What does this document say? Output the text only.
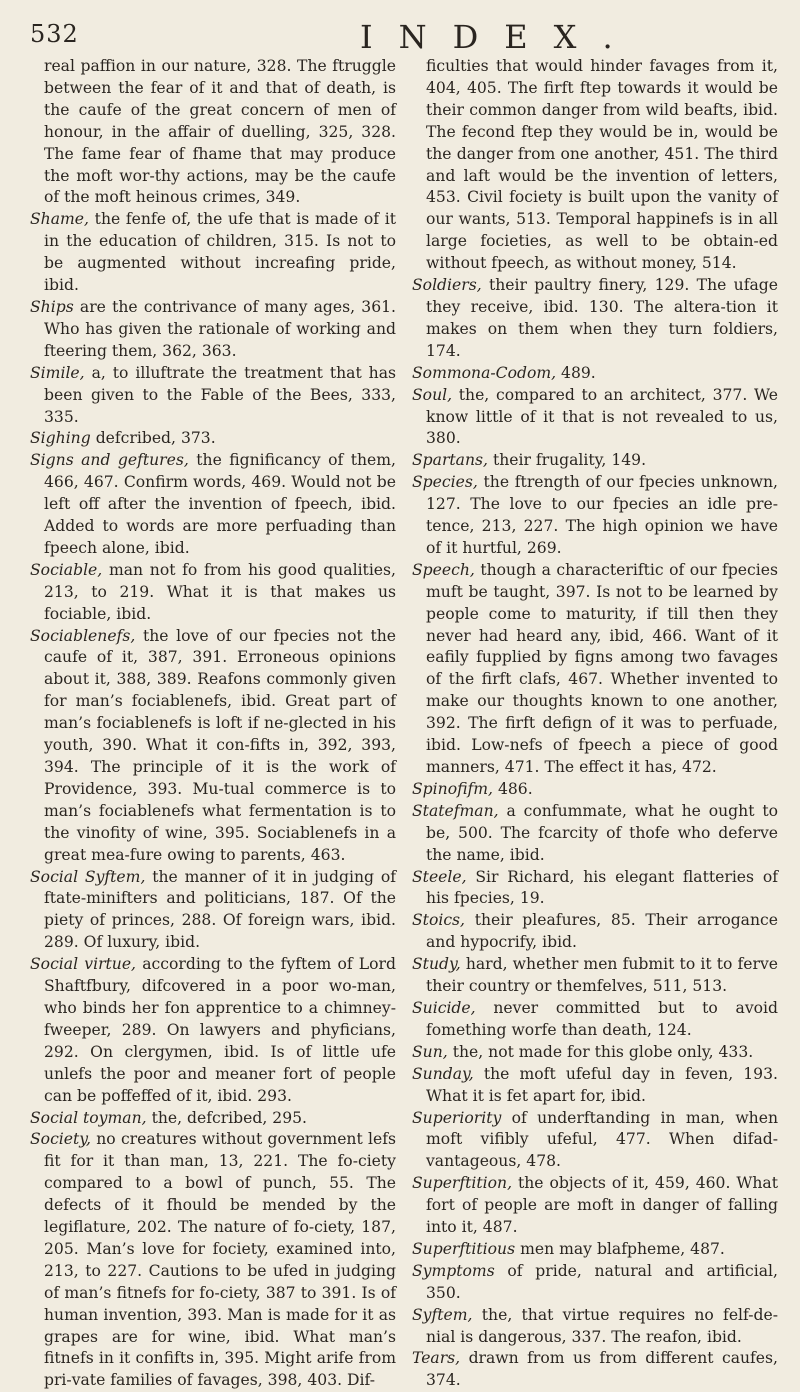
532	INDEX.

real paffion in our nature, 328. The ftruggle between the fear of it and that of death, is the caufe of the great concern of men of honour, in the affair of duelling, 325, 328. The fame fear of fhame that may produce the moft wor-thy actions, may be the caufe of the moft heinous crimes, 349.

Shame, the fenfe of, the ufe that is made of it in the education of children, 315. Is not to be augmented without increafing pride, ibid.

Ships are the contrivance of many ages, 361. Who has given the rationale of working and fteering them, 362, 363.

Simile, a, to illuftrate the treatment that has been given to the Fable of the Bees, 333, 335.

Sighing defcribed, 373.

Signs and geftures, the fignificancy of them, 466, 467. Confirm words, 469. Would not be left off after the invention of fpeech, ibid. Added to words are more perfuading than fpeech alone, ibid.

Sociable, man not fo from his good qualities, 213, to 219. What it is that makes us fociable, ibid.

Sociablenefs, the love of our fpecies not the caufe of it, 387, 391. Erroneous opinions about it, 388, 389. Reafons commonly given for man’s fociablenefs, ibid. Great part of man’s fociablenefs is loft if ne-glected in his youth, 390. What it con-fifts in, 392, 393, 394. The principle of it is the work of Providence, 393. Mu-tual commerce is to man’s fociablenefs what fermentation is to the vinofity of wine, 395. Sociablenefs in a great mea-fure owing to parents, 463.

Social Syftem, the manner of it in judging of ftate-minifters and politicians, 187. Of the piety of princes, 288. Of foreign wars, ibid. 289. Of luxury, ibid.

Social virtue, according to the fyftem of Lord Shaftfbury, difcovered in a poor wo-man, who binds her fon apprentice to a chimney-fweeper, 289. On lawyers and phyficians, 292. On clergymen, ibid. Is of little ufe unlefs the poor and meaner fort of people can be poffeffed of it, ibid. 293.

Social toyman, the, defcribed, 295.

Society, no creatures without government lefs fit for it than man, 13, 221. The fo-ciety compared to a bowl of punch, 55. The defects of it fhould be mended by the legiflature, 202. The nature of fo-ciety, 187, 205. Man’s love for fociety, examined into, 213, to 227. Cautions to be ufed in judging of man’s fitnefs for fo-ciety, 387 to 391. Is of human invention, 393. Man is made for it as grapes are for wine, ibid. What man’s fitnefs in it confifts in, 395. Might arife from pri-vate families of favages, 398, 403. Dif-

ficulties that would hinder favages from it, 404, 405. The firft ftep towards it would be their common danger from wild beafts, ibid. The fecond ftep they would be in, would be the danger from one another, 451. The third and laft would be the invention of letters, 453. Civil fociety is built upon the vanity of our wants, 513. Temporal happinefs is in all large focieties, as well to be obtain-ed without fpeech, as without money, 514.

Soldiers, their paultry finery, 129. The ufage they receive, ibid. 130. The altera-tion it makes on them when they turn foldiers, 174.

Sommona-Codom, 489.

Soul, the, compared to an architect, 377. We know little of it that is not revealed to us, 380.

Spartans, their frugality, 149.

Species, the ftrength of our fpecies unknown, 127. The love to our fpecies an idle pre-tence, 213, 227. The high opinion we have of it hurtful, 269.

Speech, though a characteriftic of our fpecies muft be taught, 397. Is not to be learned by people come to maturity, if till then they never had heard any, ibid, 466. Want of it eafily fupplied by figns among two favages of the firft clafs, 467. Whether invented to make our thoughts known to one another, 392. The firft defign of it was to perfuade, ibid. Low-nefs of fpeech a piece of good manners, 471. The effect it has, 472.

Spinofifm, 486.

Statefman, a confummate, what he ought to be, 500. The fcarcity of thofe who deferve the name, ibid.

Steele, Sir Richard, his elegant flatteries of his fpecies, 19.

Stoics, their pleafures, 85. Their arrogance and hypocrify, ibid.

Study, hard, whether men fubmit to it to ferve their country or themfelves, 511, 513.

Suicide, never committed but to avoid fomething worfe than death, 124.

Sun, the, not made for this globe only, 433.

Sunday, the moft ufeful day in feven, 193. What it is fet apart for, ibid.

Superiority of underftanding in man, when moft vifibly ufeful, 477. When difad-vantageous, 478.

Superftition, the objects of it, 459, 460. What fort of people are moft in danger of falling into it, 487.

Superftitious men may blafpheme, 487.

Symptoms of pride, natural and artificial, 350.

Syftem, the, that virtue requires no felf-de-nial is dangerous, 337. The reafon, ibid.

Tears, drawn from us from different caufes, 374.
